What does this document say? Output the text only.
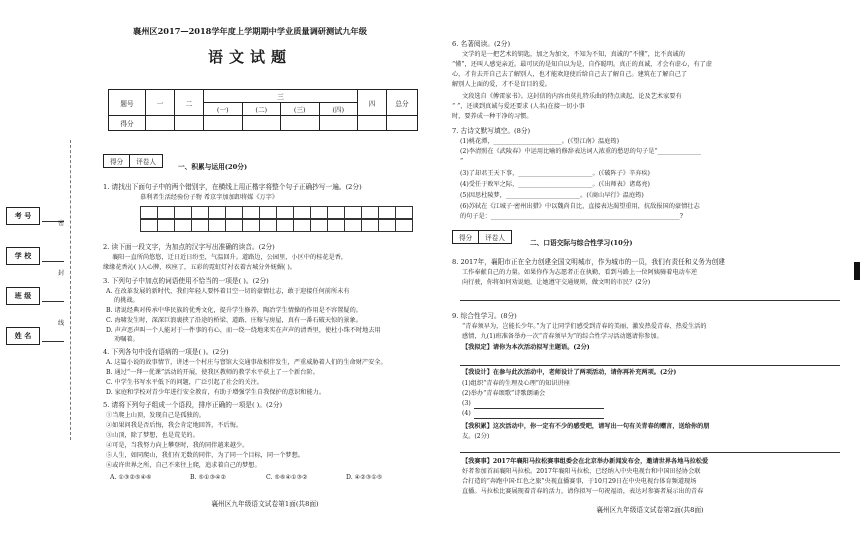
襄州区2017—2018学年度上学期期中学业质量调研测试九年级
语文试题
题号	一	二	三				四	总分
			(一)	(二)	(三)	(四)		
得分								
考 号
学 校
班 级
姓 名
密
封
线
得分	评卷人
一、积累与运用(20分)
1. 请找出下面句子中的两个错别字，在横线上用正楷字将整个句子正确抄写一遍。(2分)
慕利者生活经验份子物 希京字加加卸将媒《万字》
2. 读下面一段文字，为加点的汉字写出准确的读音。(2分)
襄阳一直所尚悠悠，迁日近日纷至，气温回升。道路边，公园里，小区中的桂花是香，
缘缘花香沁( )人心脾，疾座了，五彩的霓虹灯衬衣着古城分外妩媚( )。
3. 下列句子中加点的词语使用不恰当的一项是( )。(2分)
A. 在改革发展的新时代，我们年轻人要怀着目空一切的豪情壮志，敢于迎接任何前所未有
的挑战。
B. 诸说经典对传承中华民族的优秀文化，提升学生修养，陶冶学生情操的作用是不容置疑的。
C. 海啸发生时，深深巨浪裹挟了沿途的桥梁、道路、庄稼与房屋，真有一番石破天惊的景象。
D. 声声恶声叫一个人能对于一件事的有心，而一绕一绕地来实在声声的清香里，使杜小珠不时地去用
劝嘱着。
4. 下列各句中没有语病的一项是( )。(2分)
A. 这篇小说的故事情节，讲述一个村庄与窨馆大交通事故相伴发生，严重威胁着人们的生命财产安全。
B. 通过“一拜一优课”活动的开展，使我区教师的教学水平获上了一个新台阶。
C. 中学生书写水平低下的问题，广泛引起了社会的关注。
D. 家庭和学校对青少年进行安全教育，有助于增强学生自我保护的意识和能力。
5. 请将下列句子组成一个语段，排序正确的一项是( )。(2分)
①当爬上山顶，发现自己是孤独的。
②如果问我是否后悔，我会肯定地回答，不后悔。
③山顶，除了梦想，也是荒芜的。
④可是，当我努力向上攀登时，我的同伴越来越少。
⑤人生，如同爬山，我们有无数的同伴，为了同一个目标，同一个梦想。
⑥或许世界之所，自己不来往上爬，追求着自己的梦想。
A. ①③②⑤④⑥	B. ⑤①③④②	C. ⑤⑥④①③②	D. ④②③①⑤
襄州区九年级语文试卷第1面(共8面)
6. 名著阅读。(2分)
文学的是一把艺术的钥匙，加之为加文，不知为不知，真诚的“不懂”，比不真诚的
“懂”，还叫人感觉亲近。最可厌的是知自以为是，自作聪明。真正的真诚，才会有虚心，有了虚
心，才肯去开自己去了解别人，也才能欢迎使后给自己去了解自己。建筑在了解自己了
解别人上面的爱，才不是盲目的爱。
文段选自《傅雷家书》。这封信的内容由莫扎特乐曲的特点谈起，论及艺术家要有
“ ”，还谈到真诚与爱还要求 (人名)在接一切小事
时，要养成一种干净的习惯。
7. 古诗文默写填空。(8分)
(1)桃花潭，______________________。(《望江南》温庭筠)
(2)李清照在《武陵春》中运用比喻的修辞表达词人浓重的愁思的句子是“______________
”
(3)了却君王天下事，________________________。(《破阵子》辛弃疾)
(4)受任于败军之际，________________________。(《出师表》诸葛亮)
(5)因思杜陵梦，________________________。(《商山早行》温庭筠)
(6)苏轼在《江城子·密州出猎》中以魏尚自比，直接表达渴望重用，抗敌报国的豪情壮志
的句子是：_____________________________________________________________?
得分	评卷人
二、口语交际与综合性学习(10分)
8. 2017年，襄阳市正在全力创建全国文明城市，作为城市的一员，我们有责任和义务为创建
工作奉献自己的力量。如果你作为志愿者正在执勤，看到马路上一位阿姨骑着电动车逆
向行驶，你将如何劝说她，让她遵守交通规则，做文明的市民？(2分)
9. 综合性学习。(8分)
“青春须早为，岂能长少年。”为了让同学们感受到青春的美丽，激发热爱青春、热爱生活的
感情，九(1)班准备举办一次“青春须早为”的综合性学习活动邀请你参加。
【我拟定】请你为本次活动拟写主题语。(2分)
【我设计】在参与此次活动中，老师设计了两项活动，请你再补充两项。(2分)
(1)组织“青春的生理及心理”的知识讲座
(2)举办“青春颂歌”诗歌朗诵会
(3)
(4)
【我积累】这次活动中，你一定有不少的感受吧，请写出一句有关青春的赠言，送给你的朋
友。(2分)
【我赛事】2017年襄阳马拉松赛事组委会在北京举办新闻发布会，邀请世界各地马拉松爱
好者参加首届襄阳马拉松。2017年襄阳马拉松，已经纳入中央电视台和中国田径协会联
合打造的“奔跑中国·红色之旅”央视直播赛事，于10月29日在中央电视台体育频道现场
直播。马拉松比赛展现着青春的活力，请你拟写一句祝福语，表达对参赛者展示出的青春
襄州区九年级语文试卷第2面(共8面)
